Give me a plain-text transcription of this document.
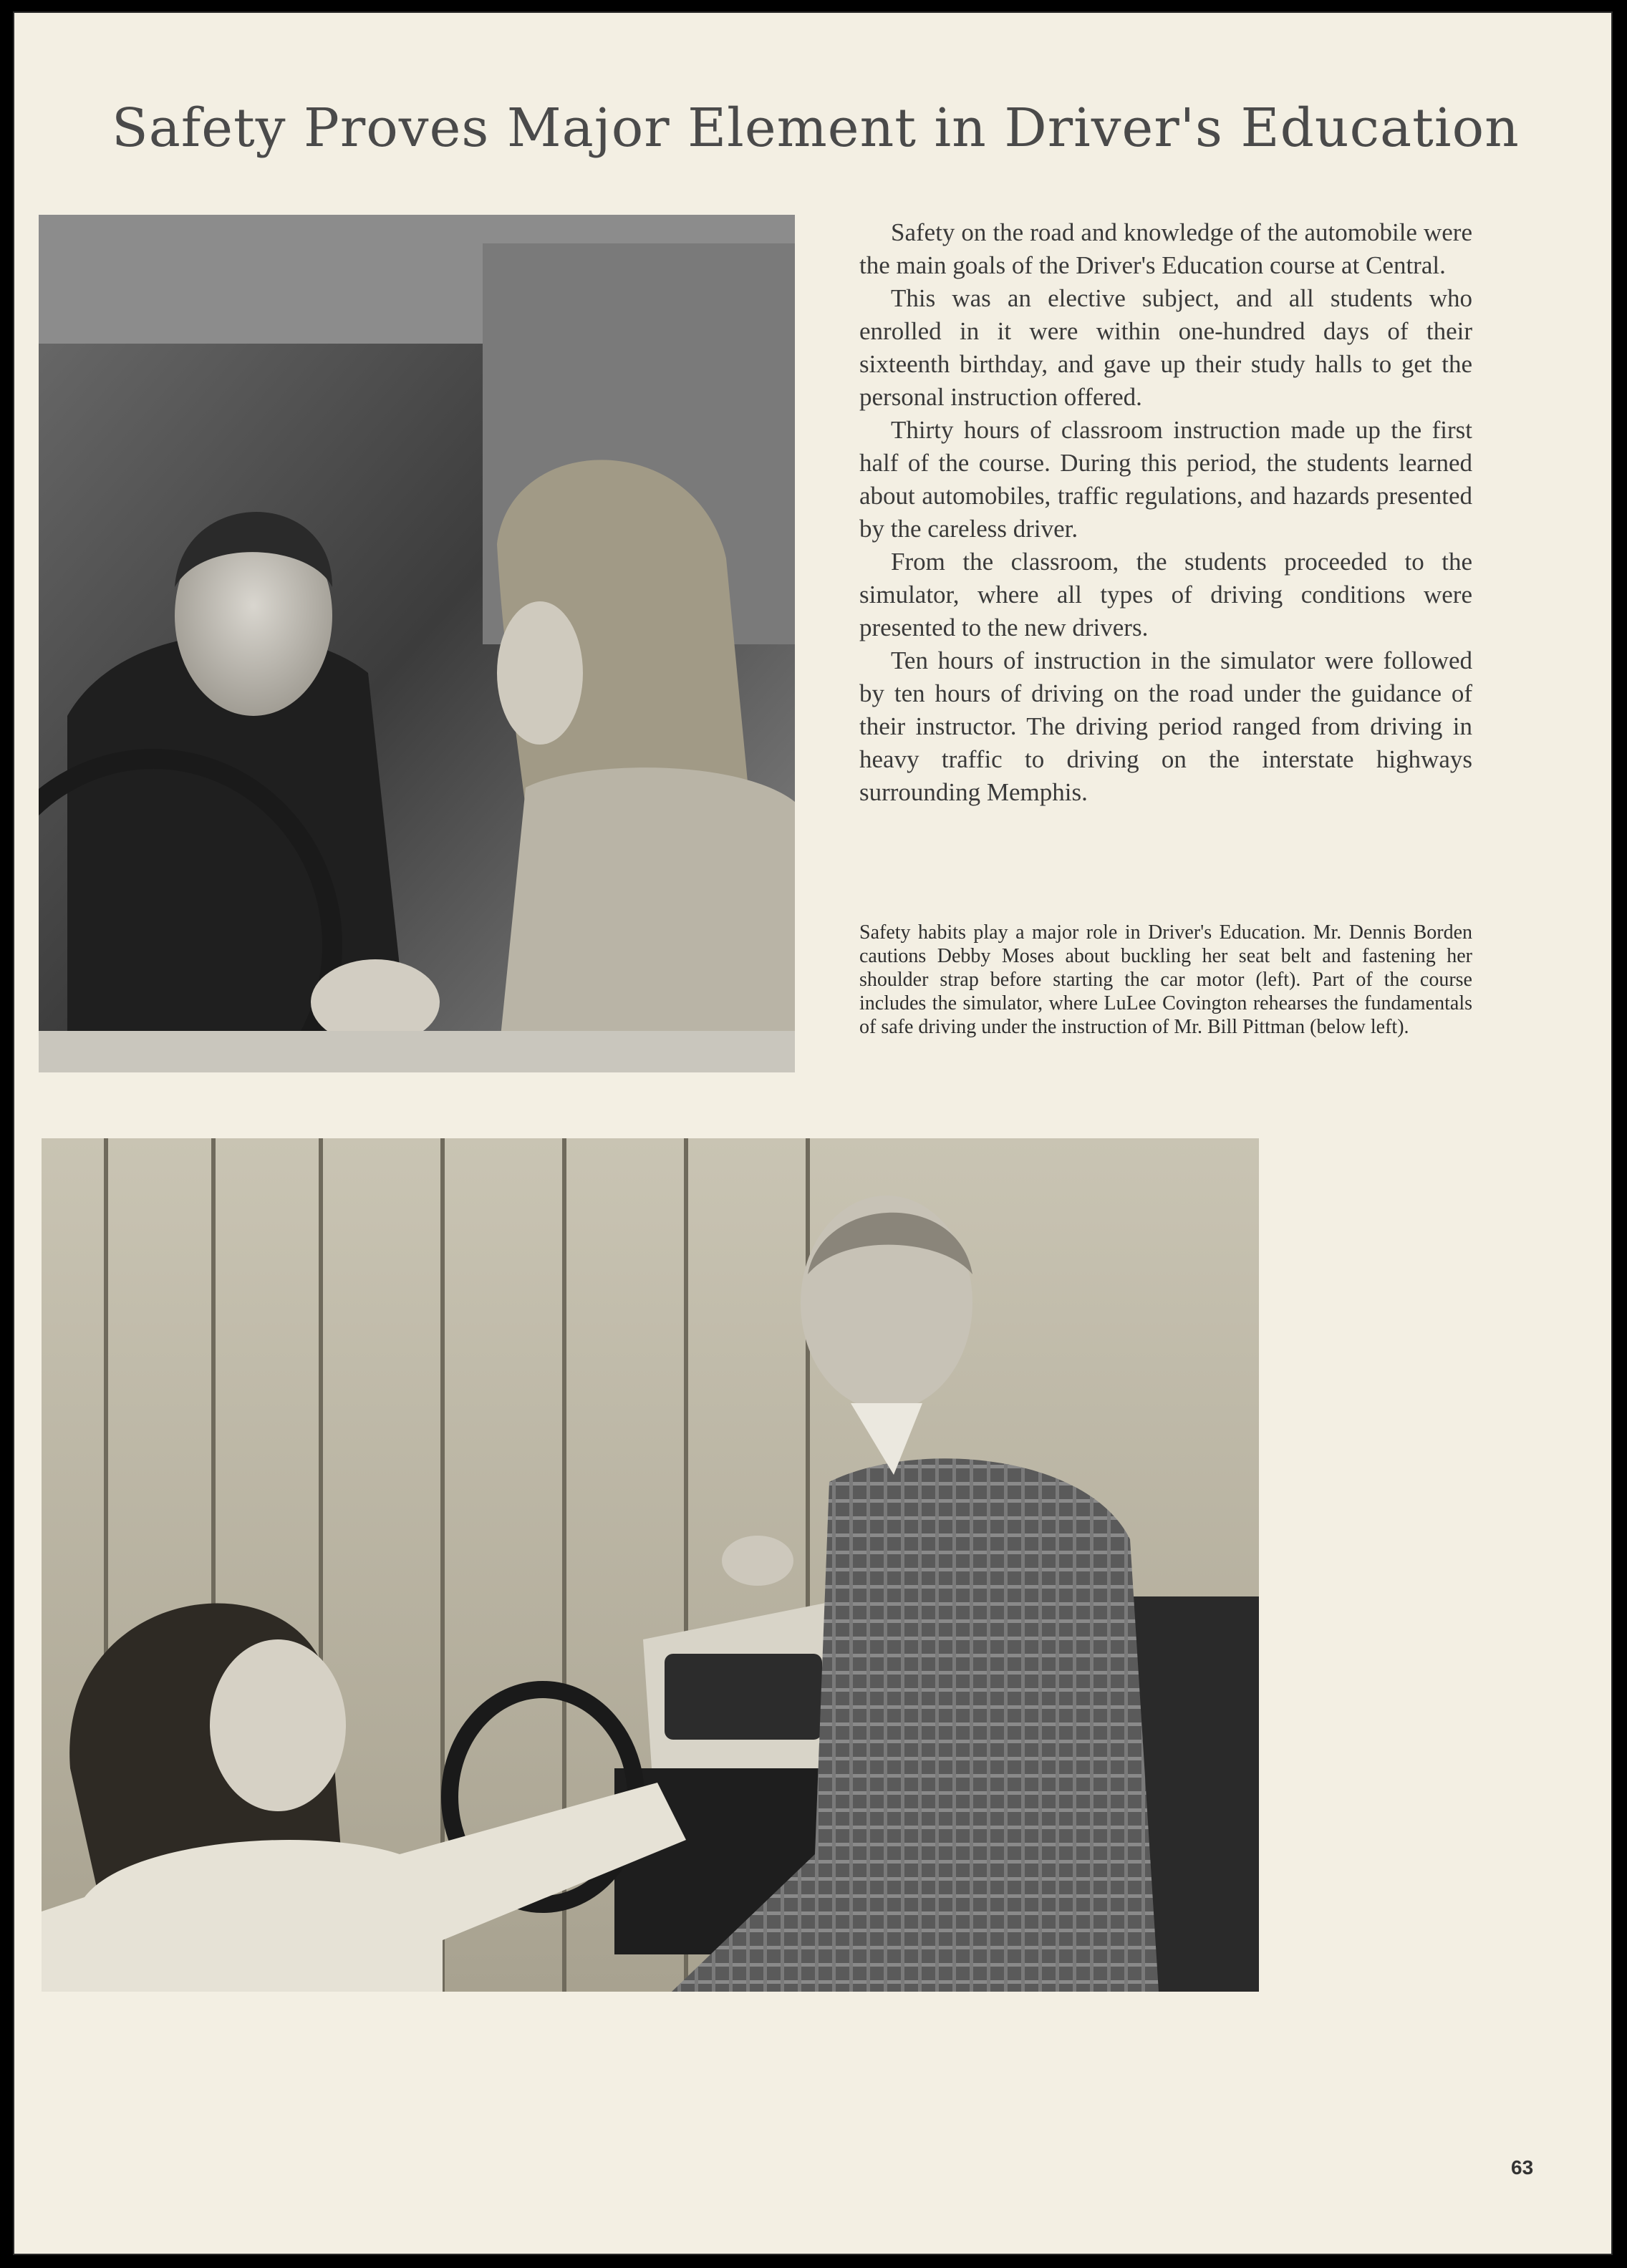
Safety Proves Major Element in Driver's Education

Safety on the road and knowledge of the automobile were the main goals of the Driver's Education course at Central.

This was an elective subject, and all students who enrolled in it were within one-hundred days of their sixteenth birthday, and gave up their study halls to get the personal instruction offered.

Thirty hours of classroom instruction made up the first half of the course. During this period, the students learned about automobiles, traffic regulations, and hazards presented by the careless driver.

From the classroom, the students proceeded to the simulator, where all types of driving conditions were presented to the new drivers.

Ten hours of instruction in the simulator were followed by ten hours of driving on the road under the guidance of their instructor. The driving period ranged from driving in heavy traffic to driving on the interstate highways surrounding Memphis.

Safety habits play a major role in Driver's Education. Mr. Dennis Borden cautions Debby Moses about buckling her seat belt and fastening her shoulder strap before starting the car motor (left). Part of the course includes the simulator, where LuLee Covington rehearses the fundamentals of safe driving under the instruction of Mr. Bill Pittman (below left).

63
